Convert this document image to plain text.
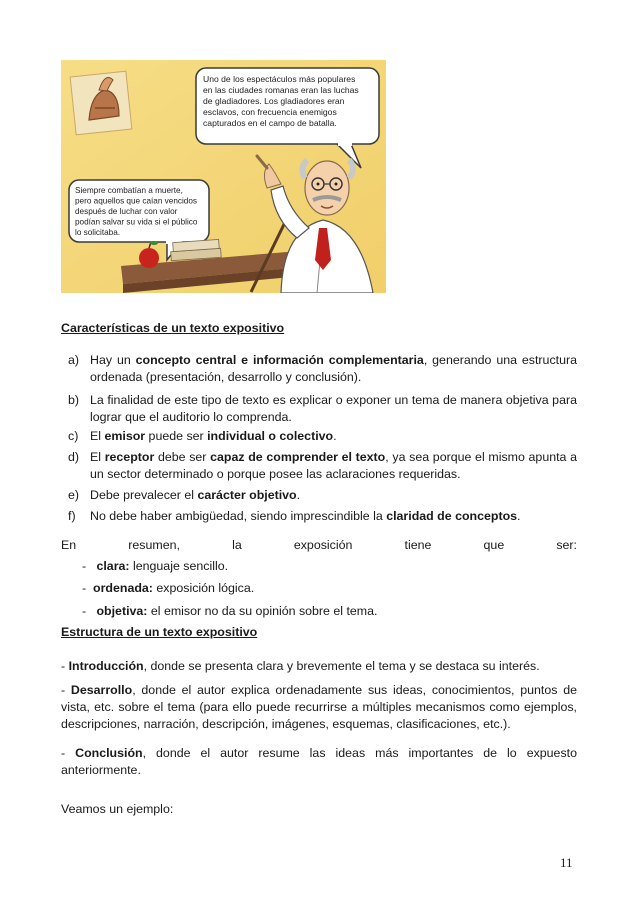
Uno de los espectáculos más populares en las ciudades romanas eran las luchas de gladiadores. Los gladiadores eran esclavos, con frecuencia enemigos capturados en el campo de batalla.
Siempre combatían a muerte, pero aquellos que caían vencidos después de luchar con valor podían salvar su vida si el público lo solicitaba.
Características de un texto expositivo
a) Hay un concepto central e información complementaria, generando una estructura ordenada (presentación, desarrollo y conclusión).
b) La finalidad de este tipo de texto es explicar o exponer un tema de manera objetiva para lograr que el auditorio lo comprenda.
c) El emisor puede ser individual o colectivo.
d) El receptor debe ser capaz de comprender el texto, ya sea porque el mismo apunta a un sector determinado o porque posee las aclaraciones requeridas.
e) Debe prevalecer el carácter objetivo.
f)	No debe haber ambigüedad, siendo imprescindible la claridad de conceptos.
En	resumen,	la	exposición	tiene	que	ser:
- clara: lenguaje sencillo.
- ordenada: exposición lógica.
- objetiva: el emisor no da su opinión sobre el tema.
Estructura de un texto expositivo
- Introducción, donde se presenta clara y brevemente el tema y se destaca su interés.
- Desarrollo, donde el autor explica ordenadamente sus ideas, conocimientos, puntos de vista, etc. sobre el tema (para ello puede recurrirse a múltiples mecanismos como ejemplos, descripciones, narración, descripción, imágenes, esquemas, clasificaciones, etc.).
- Conclusión, donde el autor resume las ideas más importantes de lo expuesto anteriormente.
Veamos un ejemplo:
11
